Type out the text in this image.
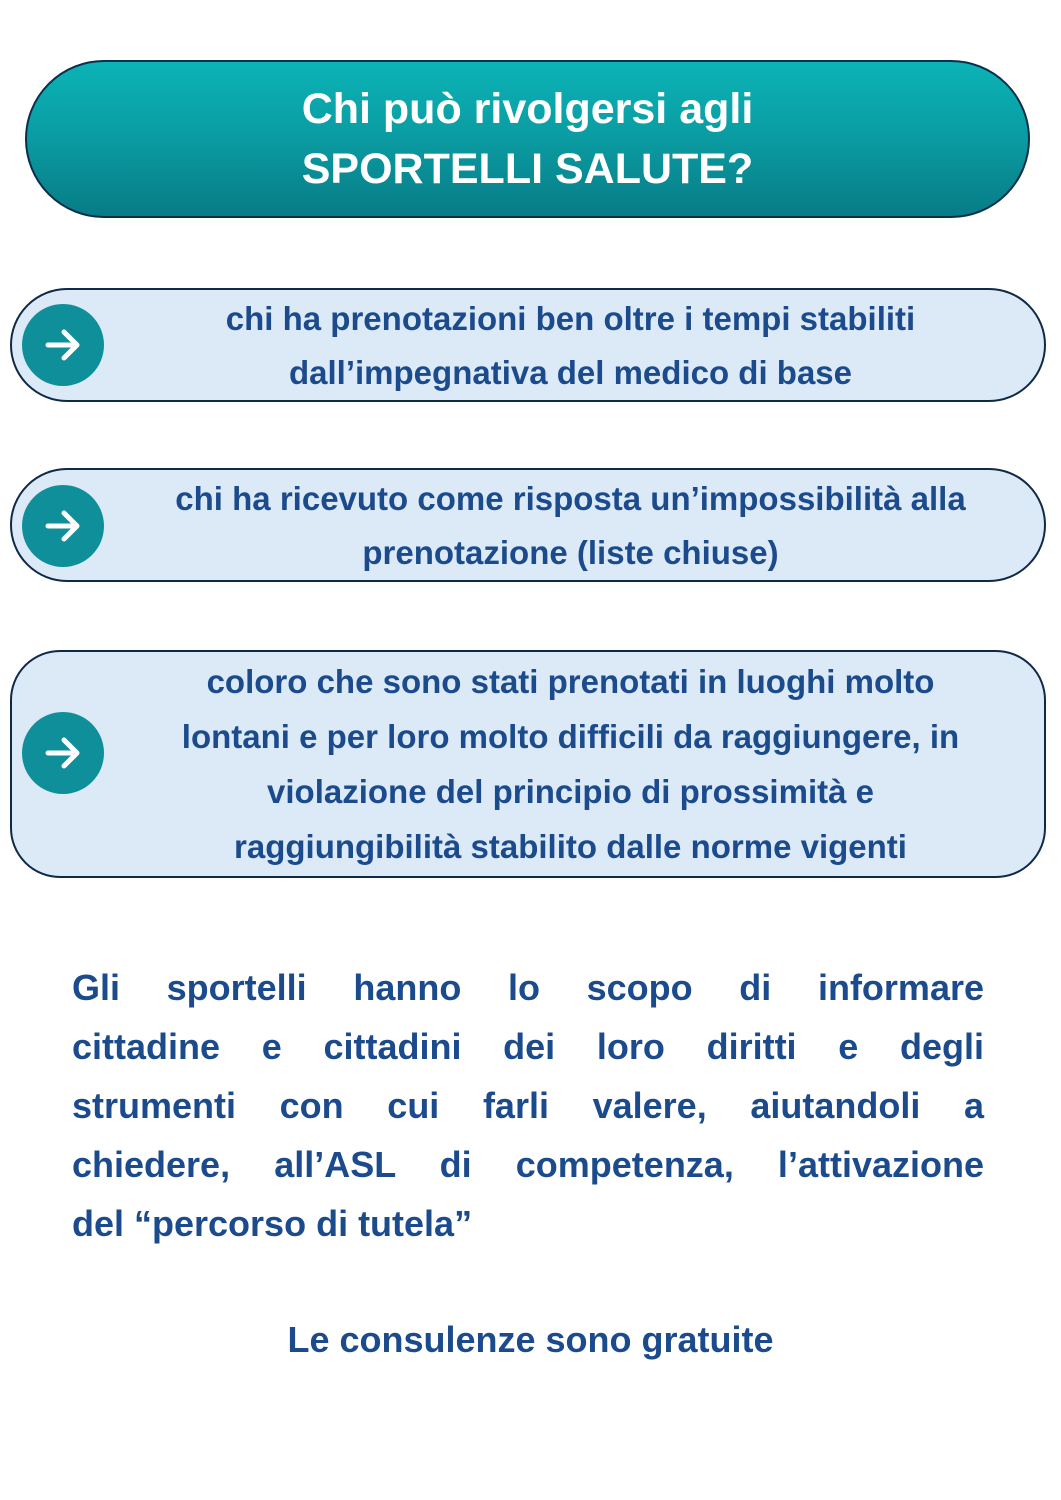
Chi può rivolgersi agli
SPORTELLI SALUTE?
chi ha prenotazioni ben oltre i tempi stabiliti
dall’impegnativa del medico di base
chi ha ricevuto come risposta un’impossibilità alla
prenotazione (liste chiuse)
coloro che sono stati prenotati in luoghi molto
lontani e per loro molto difficili da raggiungere, in
violazione del principio di prossimità e
raggiungibilità stabilito dalle norme vigenti
Gli sportelli hanno lo scopo di informare
cittadine e cittadini dei loro diritti e degli
strumenti con cui farli valere, aiutandoli a
chiedere, all’ASL di competenza, l’attivazione
del “percorso di tutela”
Le consulenze sono gratuite
